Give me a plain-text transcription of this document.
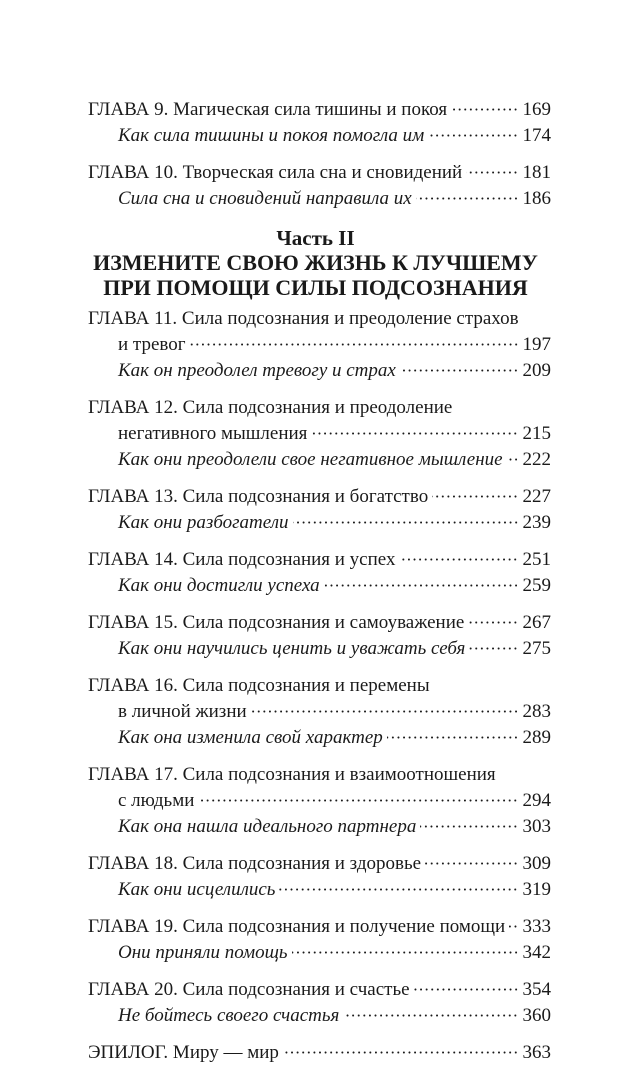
ГЛАВА 9. Магическая сила тишины и покоя	169
Как сила тишины и покоя помогла им	174
ГЛАВА 10. Творческая сила сна и сновидений	181
Сила сна и сновидений направила их	186
Часть II
ИЗМЕНИТЕ СВОЮ ЖИЗНЬ К ЛУЧШЕМУ
ПРИ ПОМОЩИ СИЛЫ ПОДСОЗНАНИЯ
ГЛАВА 11. Сила подсознания и преодоление страхов
и тревог	197
Как он преодолел тревогу и страх	209
ГЛАВА 12. Сила подсознания и преодоление
негативного мышления	215
Как они преодолели свое негативное мышление 222
ГЛАВА 13. Сила подсознания и богатство	227
Как они разбогатели	239
ГЛАВА 14. Сила подсознания и успех	251
Как они достигли успеха	259
ГЛАВА 15. Сила подсознания и самоуважение	267
Как они научились ценить и уважать себя	275
ГЛАВА 16. Сила подсознания и перемены
в личной жизни	283
Как она изменила свой характер	289
ГЛАВА 17. Сила подсознания и взаимоотношения
с людьми	294
Как она нашла идеального партнера	303
ГЛАВА 18. Сила подсознания и здоровье	309
Как они исцелились	319
ГЛАВА 19. Сила подсознания и получение помощи 333
Они приняли помощь	342
ГЛАВА 20. Сила подсознания и счастье	354
Не бойтесь своего счастья	360
ЭПИЛОГ. Миру — мир	363
